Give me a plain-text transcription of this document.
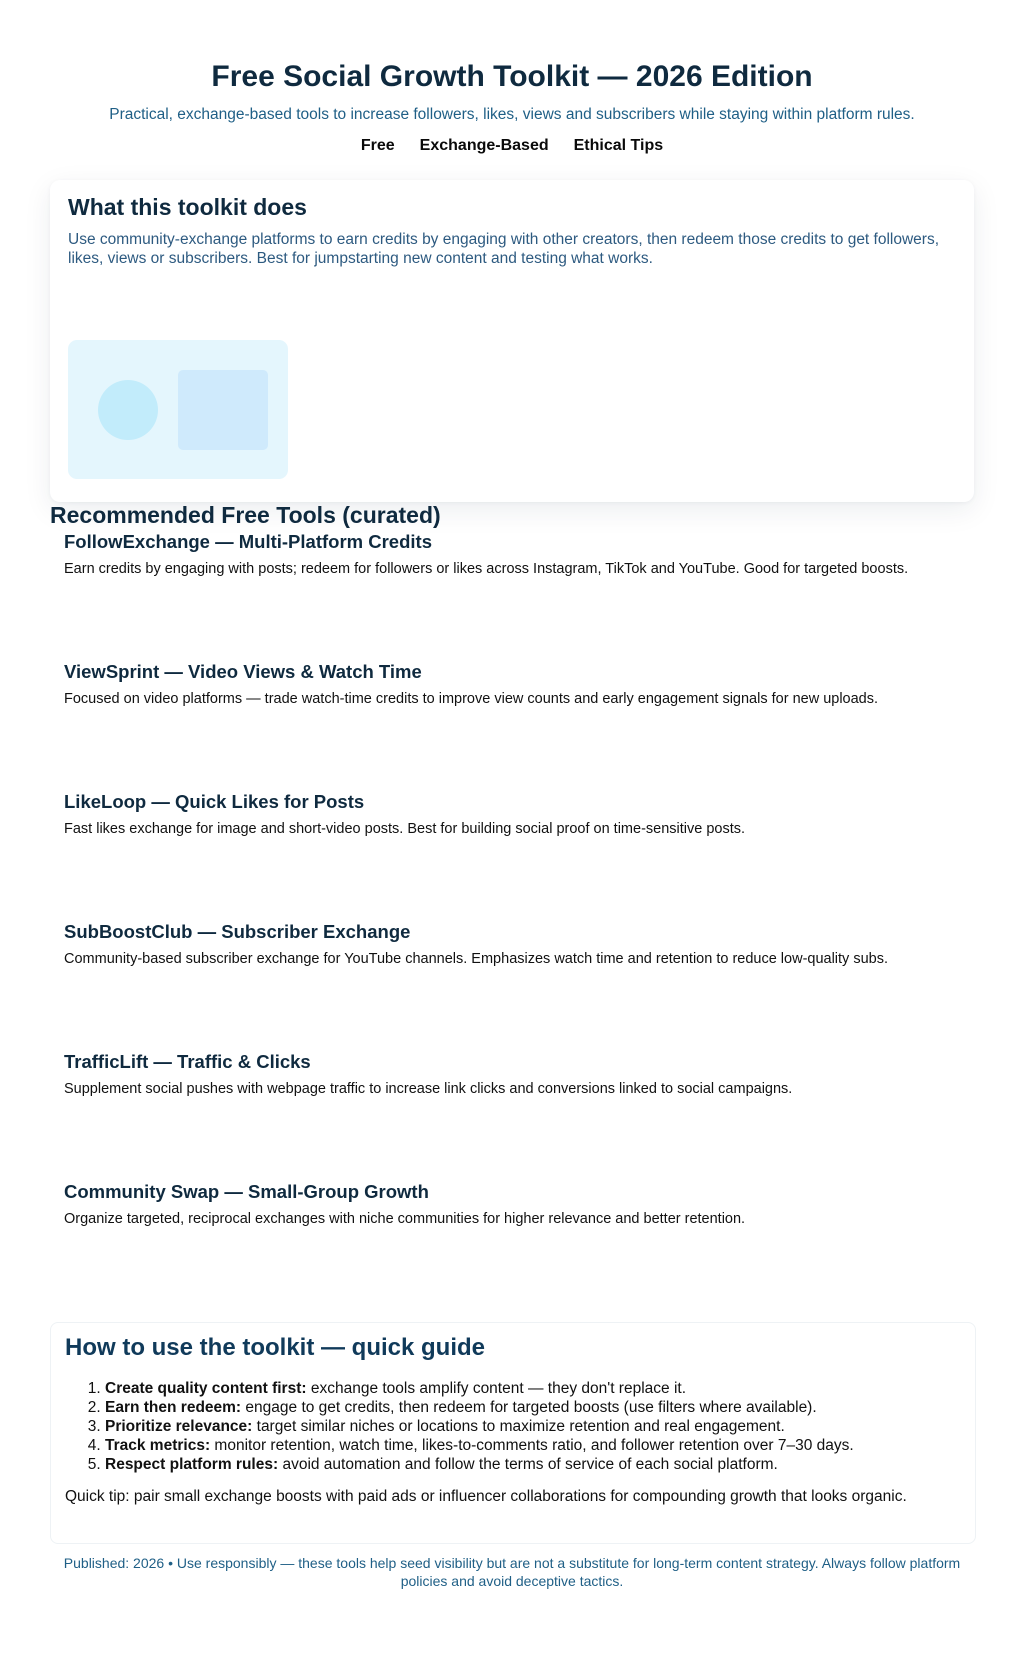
Free Social Growth Toolkit — 2026 Edition

Practical, exchange-based tools to increase followers, likes, views and subscribers while staying within platform rules.

Free Exchange-Based Ethical Tips
What this toolkit does

Use community-exchange platforms to earn credits by engaging with other creators, then redeem those credits to get followers, likes, views or subscribers. Best for jumpstarting new content and testing what works.

Recommended Free Tools (curated)
FollowExchange — Multi-Platform Credits

Earn credits by engaging with posts; redeem for followers or likes across Instagram, TikTok and YouTube. Good for targeted boosts.

ViewSprint — Video Views & Watch Time

Focused on video platforms — trade watch-time credits to improve view counts and early engagement signals for new uploads.

LikeLoop — Quick Likes for Posts

Fast likes exchange for image and short-video posts. Best for building social proof on time-sensitive posts.

SubBoostClub — Subscriber Exchange

Community-based subscriber exchange for YouTube channels. Emphasizes watch time and retention to reduce low-quality subs.

TrafficLift — Traffic & Clicks

Supplement social pushes with webpage traffic to increase link clicks and conversions linked to social campaigns.

Community Swap — Small-Group Growth

Organize targeted, reciprocal exchanges with niche communities for higher relevance and better retention.

How to use the toolkit — quick guide
1. Create quality content first: exchange tools amplify content — they don't replace it.
2. Earn then redeem: engage to get credits, then redeem for targeted boosts (use filters where available).
3. Prioritize relevance: target similar niches or locations to maximize retention and real engagement.
4. Track metrics: monitor retention, watch time, likes-to-comments ratio, and follower retention over 7–30 days.
5. Respect platform rules: avoid automation and follow the terms of service of each social platform.

Quick tip: pair small exchange boosts with paid ads or influencer collaborations for compounding growth that looks organic.

Published: 2026 • Use responsibly — these tools help seed visibility but are not a substitute for long-term content strategy. Always follow platform policies and avoid deceptive tactics.
